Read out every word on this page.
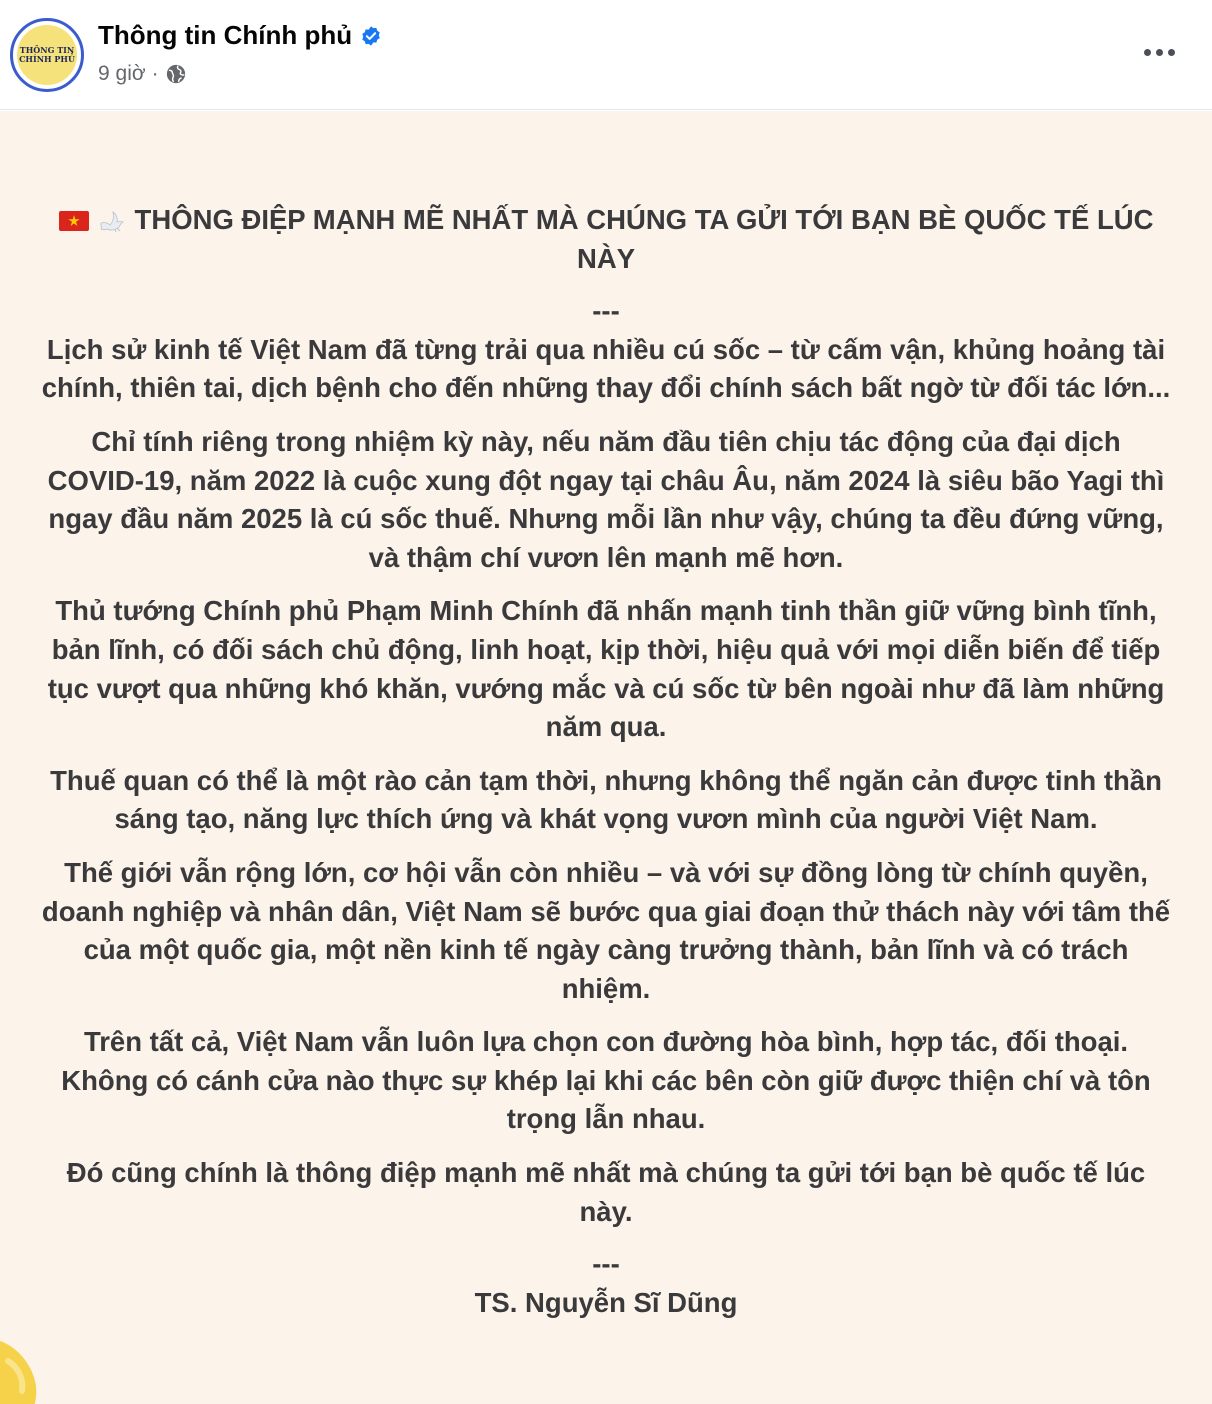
THÔNG TIN
CHÍNH PHỦ
Thông tin Chính phủ
9 giờ ·
THÔNG ĐIỆP MẠNH MẼ NHẤT MÀ CHÚNG TA GỬI TỚI BẠN BÈ QUỐC TẾ LÚC NÀY
---

Lịch sử kinh tế Việt Nam đã từng trải qua nhiều cú sốc – từ cấm vận, khủng hoảng tài chính, thiên tai, dịch bệnh cho đến những thay đổi chính sách bất ngờ từ đối tác lớn...

Chỉ tính riêng trong nhiệm kỳ này, nếu năm đầu tiên chịu tác động của đại dịch COVID-19, năm 2022 là cuộc xung đột ngay tại châu Âu, năm 2024 là siêu bão Yagi thì ngay đầu năm 2025 là cú sốc thuế. Nhưng mỗi lần như vậy, chúng ta đều đứng vững, và thậm chí vươn lên mạnh mẽ hơn.

Thủ tướng Chính phủ Phạm Minh Chính đã nhấn mạnh tinh thần giữ vững bình tĩnh, bản lĩnh, có đối sách chủ động, linh hoạt, kịp thời, hiệu quả với mọi diễn biến để tiếp tục vượt qua những khó khăn, vướng mắc và cú sốc từ bên ngoài như đã làm những năm qua.

Thuế quan có thể là một rào cản tạm thời, nhưng không thể ngăn cản được tinh thần sáng tạo, năng lực thích ứng và khát vọng vươn mình của người Việt Nam.

Thế giới vẫn rộng lớn, cơ hội vẫn còn nhiều – và với sự đồng lòng từ chính quyền, doanh nghiệp và nhân dân, Việt Nam sẽ bước qua giai đoạn thử thách này với tâm thế của một quốc gia, một nền kinh tế ngày càng trưởng thành, bản lĩnh và có trách nhiệm.

Trên tất cả, Việt Nam vẫn luôn lựa chọn con đường hòa bình, hợp tác, đối thoại. Không có cánh cửa nào thực sự khép lại khi các bên còn giữ được thiện chí và tôn trọng lẫn nhau.

Đó cũng chính là thông điệp mạnh mẽ nhất mà chúng ta gửi tới bạn bè quốc tế lúc này.

---
TS. Nguyễn Sĩ Dũng
